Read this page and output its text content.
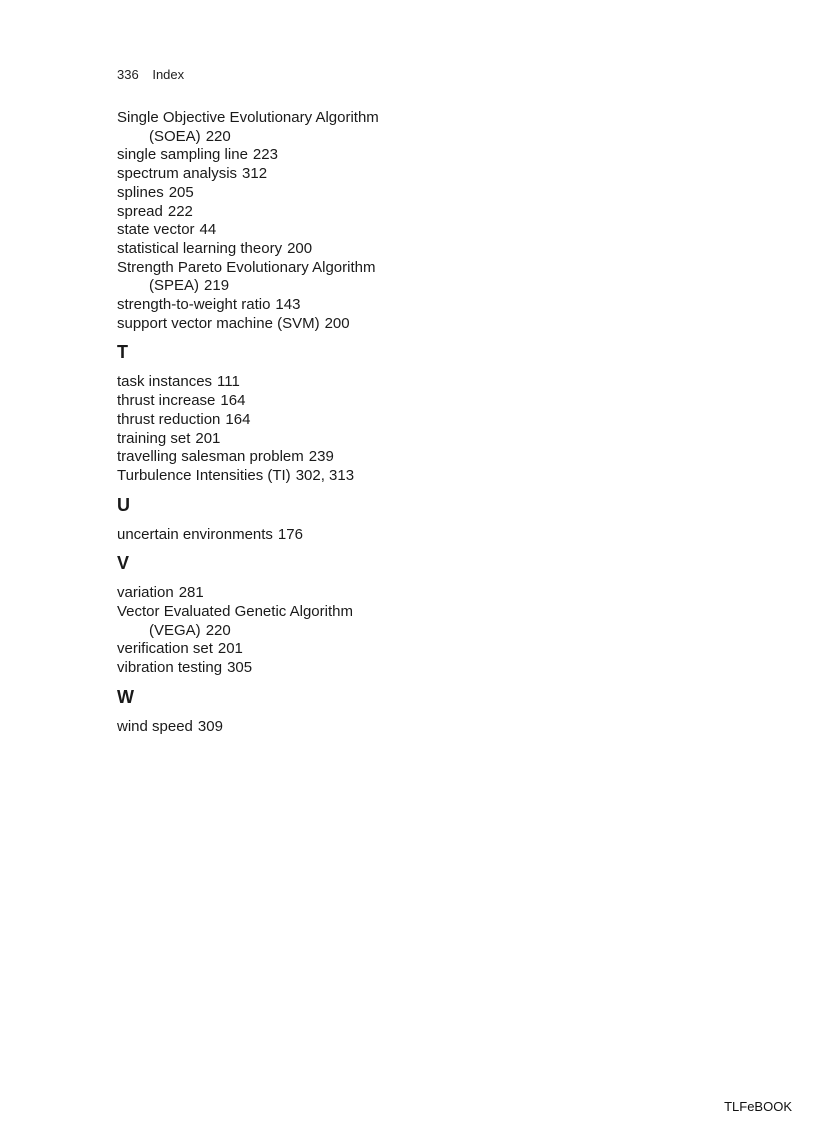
336 Index
Single Objective Evolutionary Algorithm
(SOEA) 220
single sampling line 223
spectrum analysis 312
splines 205
spread 222
state vector 44
statistical learning theory 200
Strength Pareto Evolutionary Algorithm
(SPEA) 219
strength-to-weight ratio 143
support vector machine (SVM) 200
T
task instances 111
thrust increase 164
thrust reduction 164
training set 201
travelling salesman problem 239
Turbulence Intensities (TI) 302, 313
U
uncertain environments 176
V
variation 281
Vector Evaluated Genetic Algorithm
(VEGA) 220
verification set 201
vibration testing 305
W
wind speed 309
TLFeBOOK
